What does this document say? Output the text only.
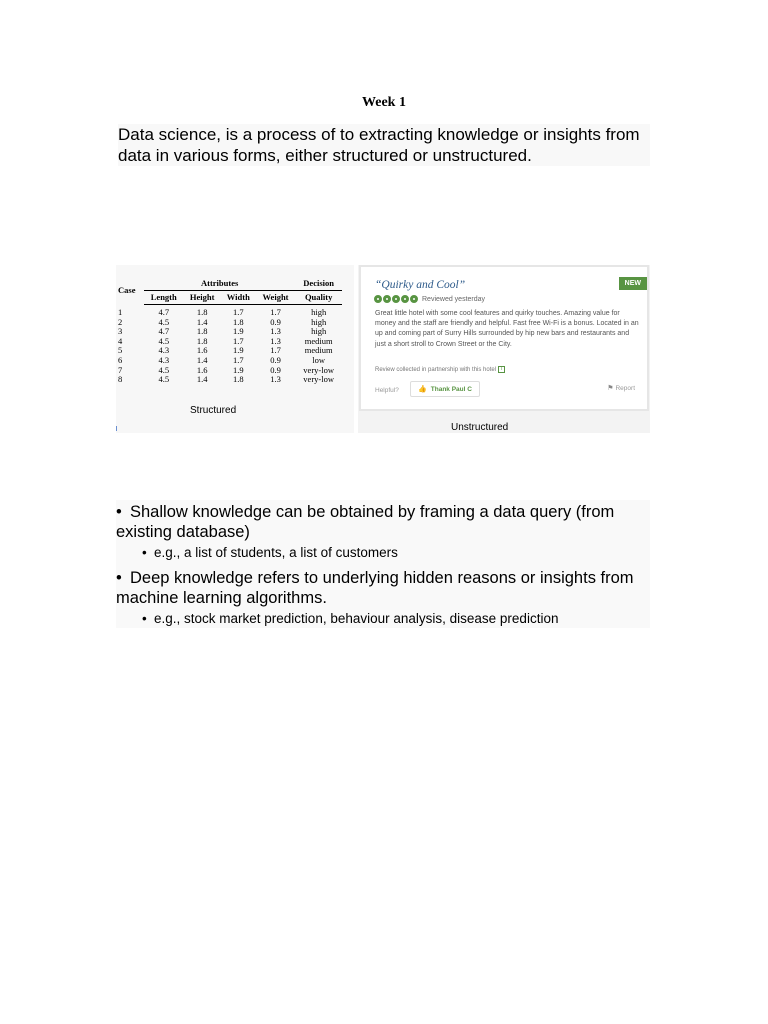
Week 1
Data science, is a process of to extracting knowledge or insights from data in various forms, either structured or unstructured.
Case	Attributes				Decision
	Length	Height	Width	Weight	Quality
1	4.7	1.8	1.7	1.7	high
2	4.5	1.4	1.8	0.9	high
3	4.7	1.8	1.9	1.3	high
4	4.5	1.8	1.7	1.3	medium
5	4.3	1.6	1.9	1.7	medium
6	4.3	1.4	1.7	0.9	low
7	4.5	1.6	1.9	0.9	very-low
8	4.5	1.4	1.8	1.3	very-low
Structured
NEW
“Quirky and Cool”
Reviewed yesterday
Great little hotel with some cool features and quirky touches. Amazing value for money and the staff are friendly and helpful. Fast free Wi-Fi is a bonus. Located in an up and coming part of Surry Hills surrounded by hip new bars and restaurants and just a short stroll to Crown Street or the City.
Review collected in partnership with this hotel i
Helpful?	👍 Thank Paul C	⚑ Report
Unstructured
• Shallow knowledge can be obtained by framing a data query (from existing database)
• e.g., a list of students, a list of customers
• Deep knowledge refers to underlying hidden reasons or insights from machine learning algorithms.
• e.g., stock market prediction, behaviour analysis, disease prediction
